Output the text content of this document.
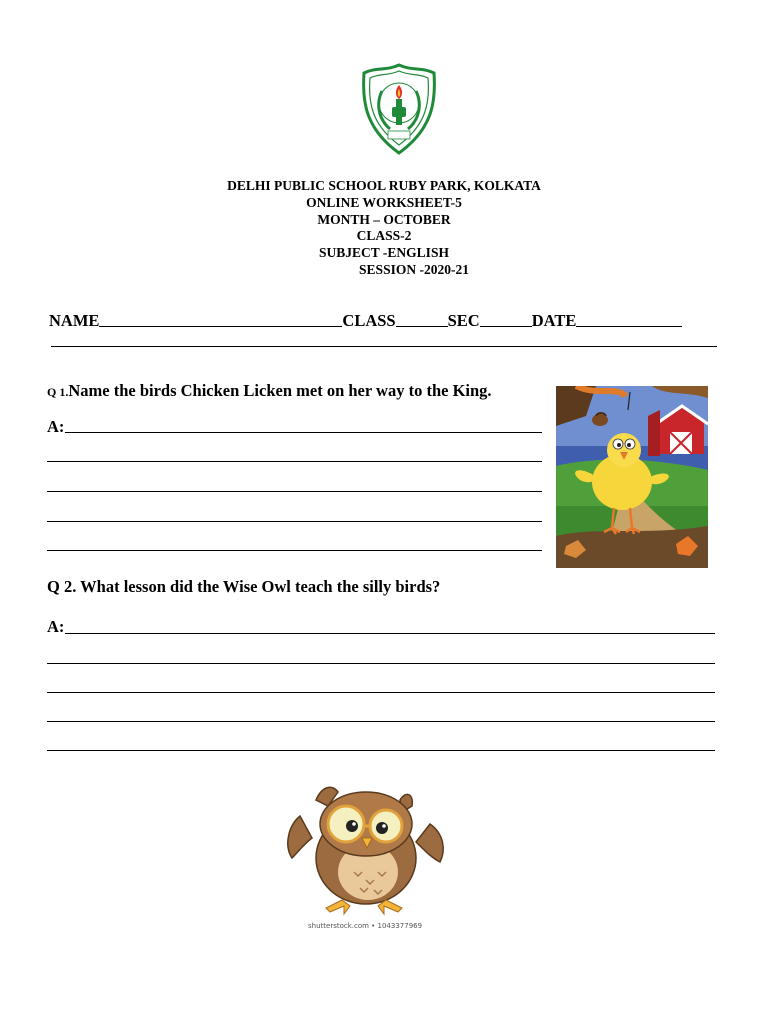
DELHI PUBLIC SCHOOL RUBY PARK, KOLKATA
ONLINE WORKSHEET-5
MONTH – OCTOBER
CLASS-2
SUBJECT -ENGLISH
SESSION -2020-21
NAME	CLASS	SEC	DATE
Q 1.Name the birds Chicken Licken met on her way to the King.
A:
Q 2. What lesson did the Wise Owl teach the silly birds?
A:
shutterstock.com • 1043377969
